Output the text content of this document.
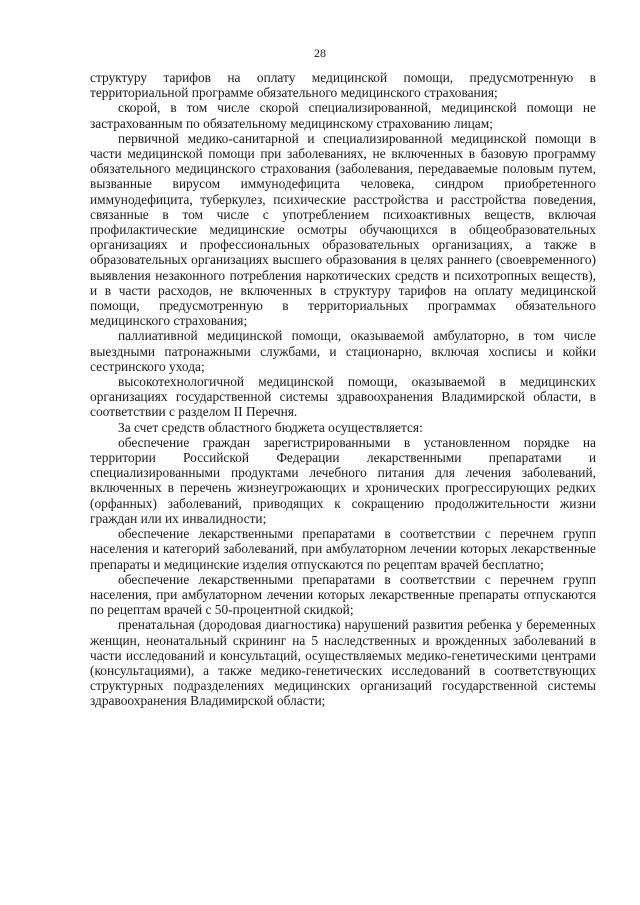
28

структуру тарифов на оплату медицинской помощи, предусмотренную в территориальной программе обязательного медицинского страхования;

скорой, в том числе скорой специализированной, медицинской помощи не застрахованным по обязательному медицинскому страхованию лицам;

первичной медико-санитарной и специализированной медицинской помощи в части медицинской помощи при заболеваниях, не включенных в базовую программу обязательного медицинского страхования (заболевания, передаваемые половым путем, вызванные вирусом иммунодефицита человека, синдром приобретенного иммунодефицита, туберкулез, психические расстройства и расстройства поведения, связанные в том числе с употреблением психоактивных веществ, включая профилактические медицинские осмотры обучающихся в общеобразовательных организациях и профессиональных образовательных организациях, а также в образовательных организациях высшего образования в целях раннего (своевременного) выявления незаконного потребления наркотических средств и психотропных веществ), и в части расходов, не включенных в структуру тарифов на оплату медицинской помощи, предусмотренную в территориальных программах обязательного медицинского страхования;

паллиативной медицинской помощи, оказываемой амбулаторно, в том числе выездными патронажными службами, и стационарно, включая хосписы и койки сестринского ухода;

высокотехнологичной медицинской помощи, оказываемой в медицинских организациях государственной системы здравоохранения Владимирской области, в соответствии с разделом II Перечня.

За счет средств областного бюджета осуществляется:

обеспечение граждан зарегистрированными в установленном порядке на территории Российской Федерации лекарственными препаратами и специализированными продуктами лечебного питания для лечения заболеваний, включенных в перечень жизнеугрожающих и хронических прогрессирующих редких (орфанных) заболеваний, приводящих к сокращению продолжительности жизни граждан или их инвалидности;

обеспечение лекарственными препаратами в соответствии с перечнем групп населения и категорий заболеваний, при амбулаторном лечении которых лекарственные препараты и медицинские изделия отпускаются по рецептам врачей бесплатно;

обеспечение лекарственными препаратами в соответствии с перечнем групп населения, при амбулаторном лечении которых лекарственные препараты отпускаются по рецептам врачей с 50-процентной скидкой;

пренатальная (дородовая диагностика) нарушений развития ребенка у беременных женщин, неонатальный скрининг на 5 наследственных и врожденных заболеваний в части исследований и консультаций, осуществляемых медико-генетическими центрами (консультациями), а также медико-генетических исследований в соответствующих структурных подразделениях медицинских организаций государственной системы здравоохранения Владимирской области;
